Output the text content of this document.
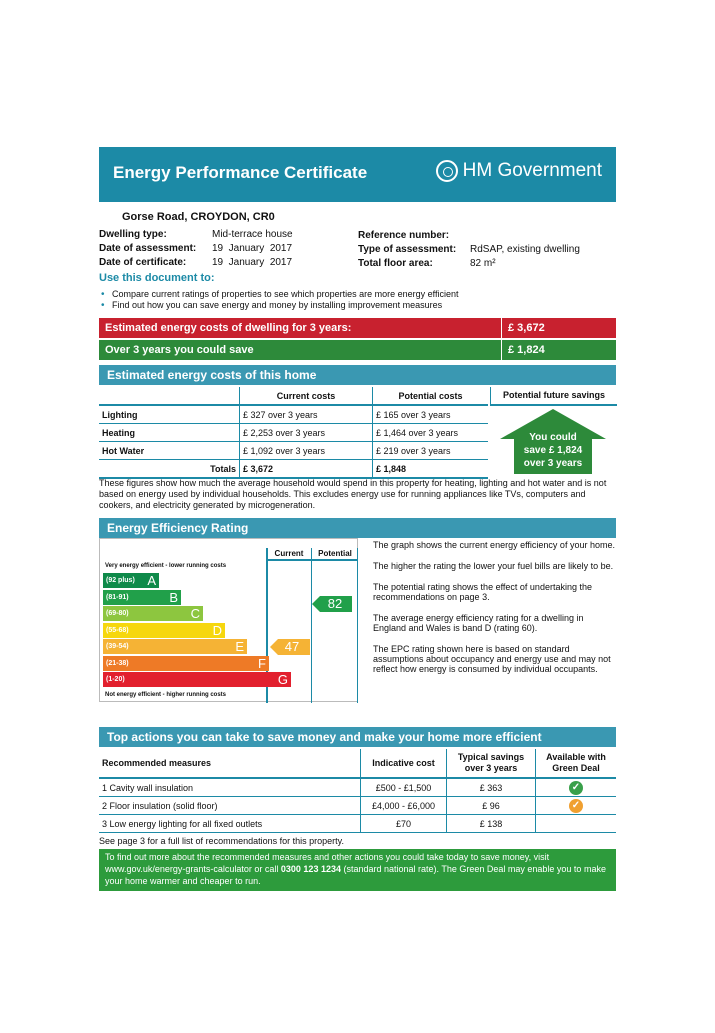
Energy Performance Certificate	HM Government
Gorse Road, CROYDON, CR0
Dwelling type:	Mid-terrace house
Date of assessment: 19  January  2017
Date of certificate:	19  January  2017
Reference number:
Type of assessment: RdSAP, existing dwelling
Total floor area:	82 m²
Use this document to:
• Compare current ratings of properties to see which properties are more energy efficient
• Find out how you can save energy and money by installing improvement measures
Estimated energy costs of dwelling for 3 years:	£ 3,672
Over 3 years you could save	£ 1,824
Estimated energy costs of this home
	Current costs	Potential costs
Lighting	£ 327 over 3 years	£ 165 over 3 years
Heating	£ 2,253 over 3 years	£ 1,464 over 3 years
Hot Water	£ 1,092 over 3 years	£ 219 over 3 years
Totals	£ 3,672	£ 1,848
Potential future savings
You could
save £ 1,824
over 3 years
These figures show how much the average household would spend in this property for heating, lighting and hot water and is not based on energy used by individual households. This excludes energy use for running appliances like TVs, computers and cookers, and electricity generated by microgeneration.
Energy Efficiency Rating
Current	Potential
Very energy efficient - lower running costs
Not energy efficient - higher running costs
(92 plus) A
(81-91)	B
(69-80)	C
(55-68)	D
(39-54)	E
(21-38)	F
(1-20)	G
82
47
The graph shows the current energy efficiency of your home.
The higher the rating the lower your fuel bills are likely to be.
The potential rating shows the effect of undertaking the recommendations on page 3.
The average energy efficiency rating for a dwelling in England and Wales is band D (rating 60).
The EPC rating shown here is based on standard assumptions about occupancy and energy use and may not reflect how energy is consumed by individual occupants.
Top actions you can take to save money and make your home more efficient
Recommended measures	Indicative cost	Typical savings over 3 years	Available with Green Deal
1 Cavity wall insulation	£500 - £1,500	£ 363	✓
2 Floor insulation (solid floor)	£4,000 - £6,000	£ 96	✓
3 Low energy lighting for all fixed outlets	£70	£ 138	
See page 3 for a full list of recommendations for this property.
To find out more about the recommended measures and other actions you could take today to save money, visit www.gov.uk/energy-grants-calculator or call 0300 123 1234 (standard national rate). The Green Deal may enable you to make your home warmer and cheaper to run.
